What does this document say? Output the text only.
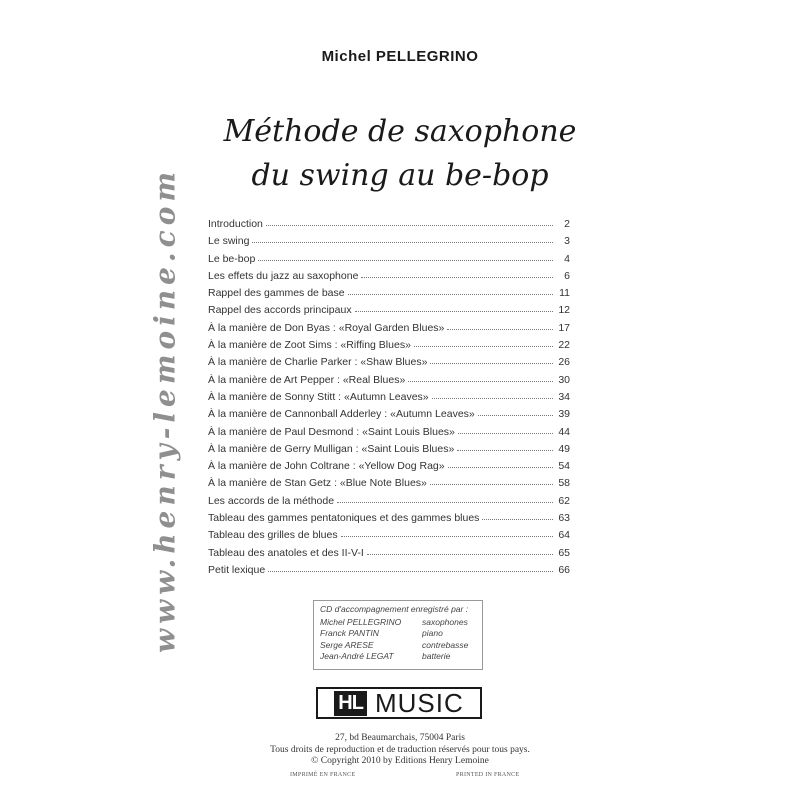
Michel PELLEGRINO
Méthode de saxophone
du swing au be-bop
www.henry-lemoine.com	Introduction	2
Le swing	3
Le be-bop	4
Les effets du jazz au saxophone	6
Rappel des gammes de base	11
Rappel des accords principaux	12
À la manière de Don Byas : «Royal Garden Blues»	17
À la manière de Zoot Sims : «Riffing Blues»	22
À la manière de Charlie Parker : «Shaw Blues»	26
À la manière de Art Pepper : «Real Blues»	30
À la manière de Sonny Stitt : «Autumn Leaves»	34
À la manière de Cannonball Adderley : «Autumn Leaves»	39
À la manière de Paul Desmond : «Saint Louis Blues»	44
À la manière de Gerry Mulligan : «Saint Louis Blues»	49
À la manière de John Coltrane : «Yellow Dog Rag»	54
À la manière de Stan Getz : «Blue Note Blues»	58
Les accords de la méthode	62
Tableau des gammes pentatoniques et des gammes blues	63
Tableau des grilles de blues	64
Tableau des anatoles et des II-V-I	65
Petit lexique	66
CD d'accompagnement enregistré par :
Michel PELLEGRINO	saxophones
Franck PANTIN	piano
Serge ARESE	contrebasse
Jean-André LEGAT	batterie
HL MUSIC
27, bd Beaumarchais, 75004 Paris
Tous droits de reproduction et de traduction réservés pour tous pays.
© Copyright 2010 by Editions Henry Lemoine
IMPRIMÉ EN FRANCE	PRINTED IN FRANCE
